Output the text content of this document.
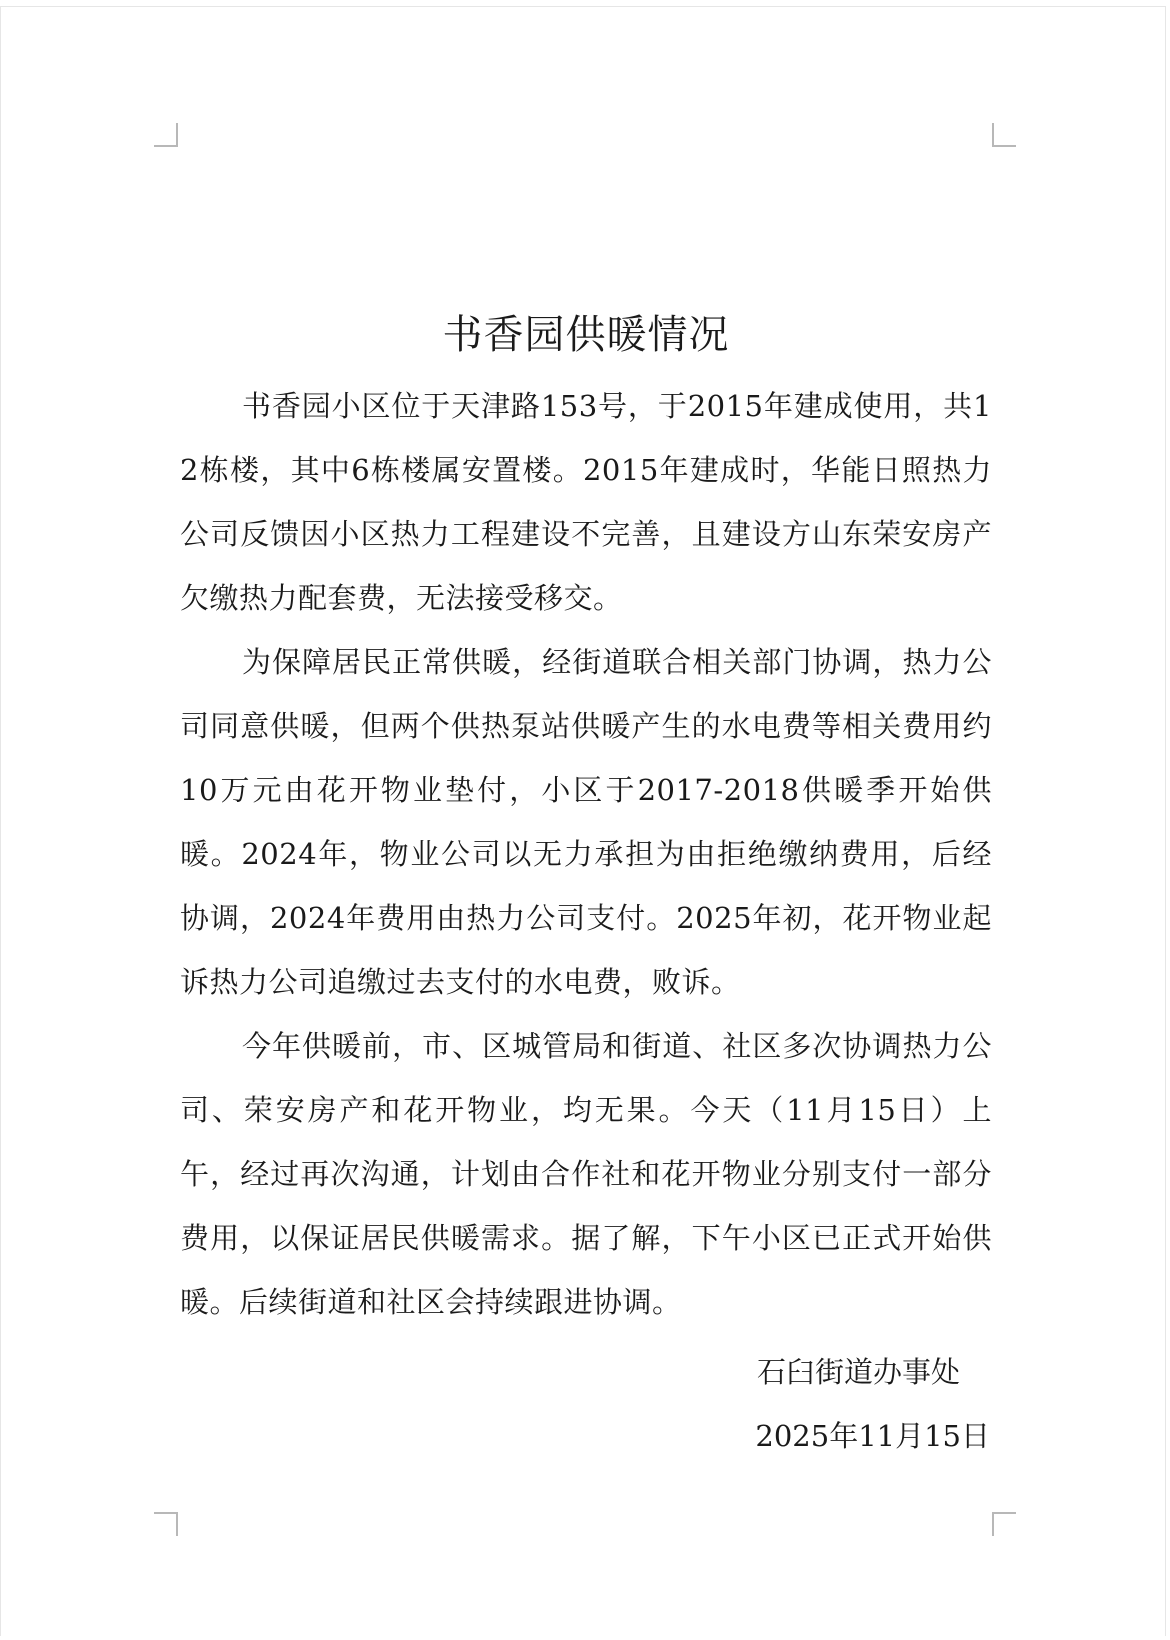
书香园供暖情况

书香园小区位于天津路153号，于2015年建成使用，共12栋楼，其中6栋楼属安置楼。2015年建成时，华能日照热力公司反馈因小区热力工程建设不完善，且建设方山东荣安房产欠缴热力配套费，无法接受移交。

为保障居民正常供暖，经街道联合相关部门协调，热力公司同意供暖，但两个供热泵站供暖产生的水电费等相关费用约10万元由花开物业垫付，小区于2017-2018供暖季开始供暖。2024年，物业公司以无力承担为由拒绝缴纳费用，后经协调，2024年费用由热力公司支付。2025年初，花开物业起诉热力公司追缴过去支付的水电费，败诉。

今年供暖前，市、区城管局和街道、社区多次协调热力公司、荣安房产和花开物业，均无果。今天（11月15日）上午，经过再次沟通，计划由合作社和花开物业分别支付一部分费用，以保证居民供暖需求。据了解，下午小区已正式开始供暖。后续街道和社区会持续跟进协调。

石臼街道办事处

2025年11月15日
